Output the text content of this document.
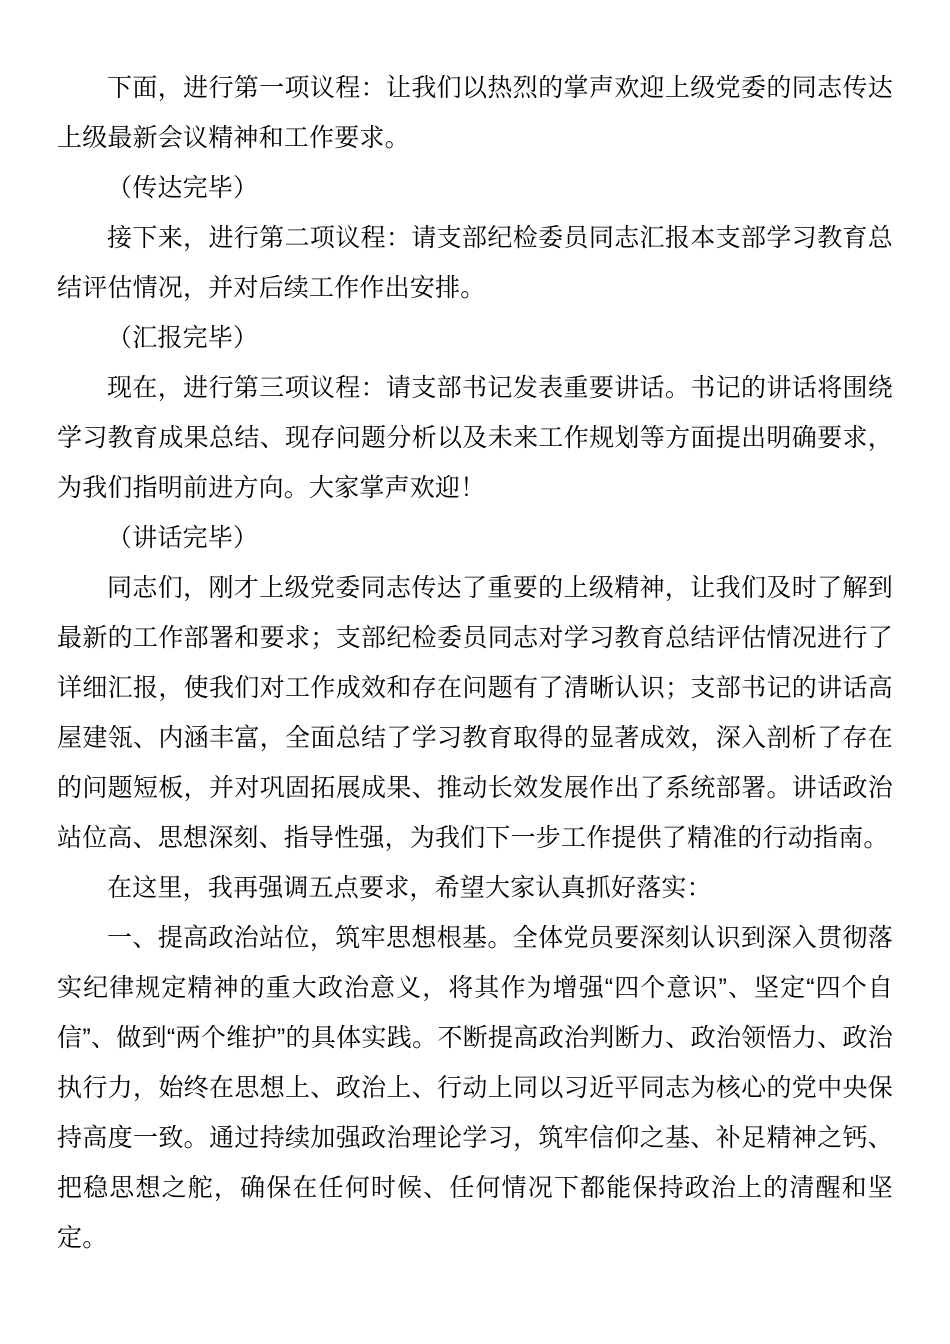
下面，进行第一项议程：让我们以热烈的掌声欢迎上级党委的同志传达上级最新会议精神和工作要求。

（传达完毕）

接下来，进行第二项议程：请支部纪检委员同志汇报本支部学习教育总结评估情况，并对后续工作作出安排。

（汇报完毕）

现在，进行第三项议程：请支部书记发表重要讲话。书记的讲话将围绕学习教育成果总结、现存问题分析以及未来工作规划等方面提出明确要求，为我们指明前进方向。大家掌声欢迎！

（讲话完毕）

同志们，刚才上级党委同志传达了重要的上级精神，让我们及时了解到最新的工作部署和要求；支部纪检委员同志对学习教育总结评估情况进行了详细汇报，使我们对工作成效和存在问题有了清晰认识；支部书记的讲话高屋建瓴、内涵丰富，全面总结了学习教育取得的显著成效，深入剖析了存在的问题短板，并对巩固拓展成果、推动长效发展作出了系统部署。讲话政治站位高、思想深刻、指导性强，为我们下一步工作提供了精准的行动指南。

在这里，我再强调五点要求，希望大家认真抓好落实：

一、提高政治站位，筑牢思想根基。全体党员要深刻认识到深入贯彻落实纪律规定精神的重大政治意义，将其作为增强“四个意识”、坚定“四个自信”、做到“两个维护”的具体实践。不断提高政治判断力、政治领悟力、政治执行力，始终在思想上、政治上、行动上同以习近平同志为核心的党中央保持高度一致。通过持续加强政治理论学习，筑牢信仰之基、补足精神之钙、把稳思想之舵，确保在任何时候、任何情况下都能保持政治上的清醒和坚定。
